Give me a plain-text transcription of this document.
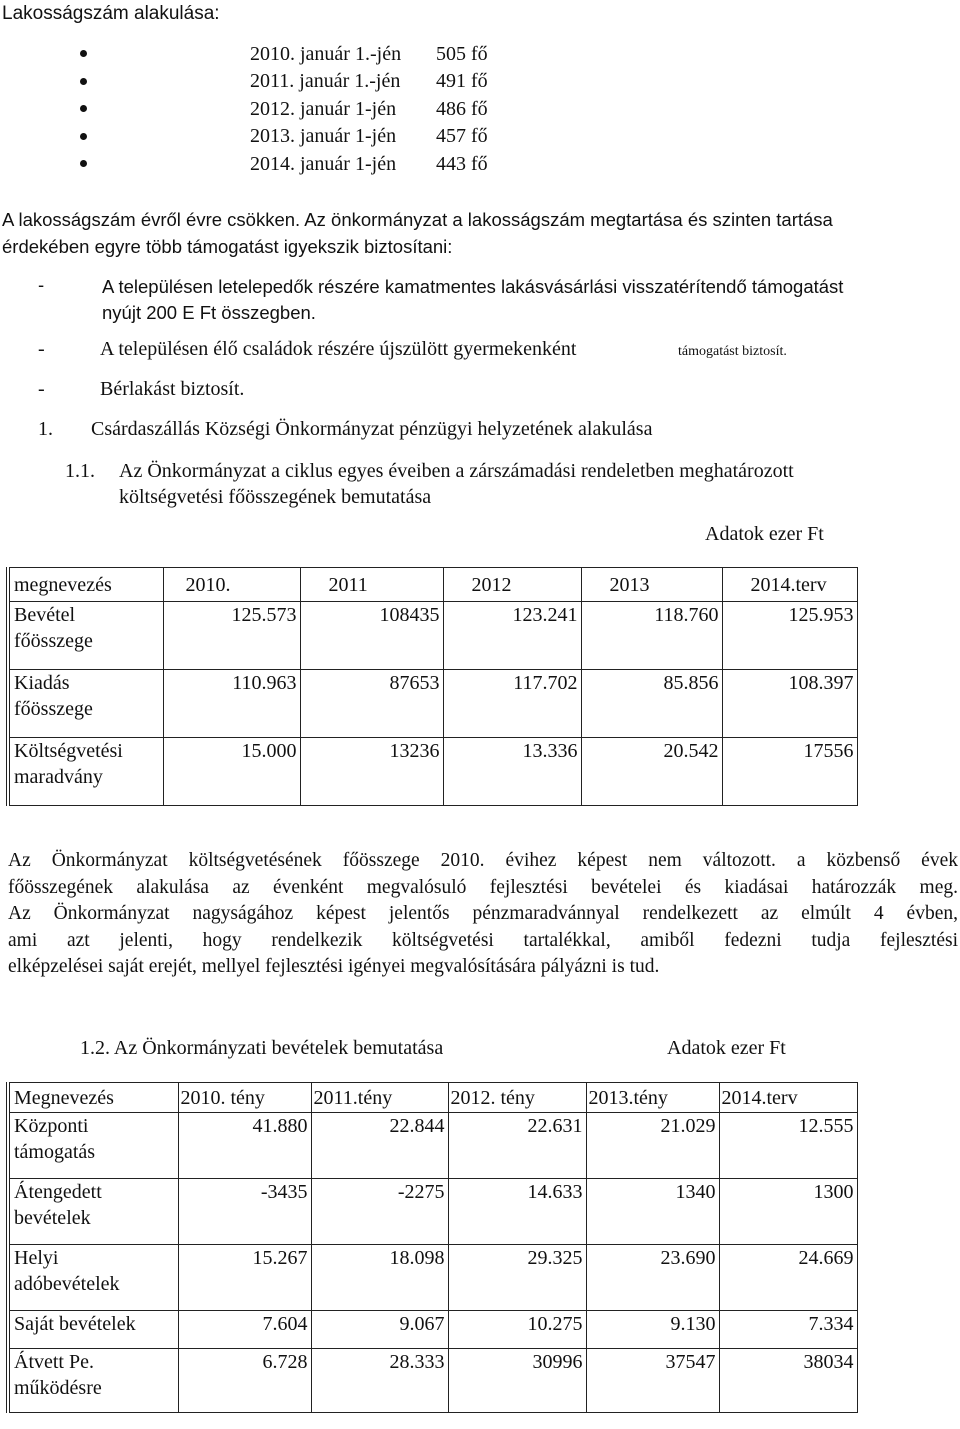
Lakosságszám alakulása:
2010. január 1.-jén	505 fő
2011. január 1.-jén	491 fő
2012. január 1-jén	486 fő
2013. január 1-jén	457 fő
2014. január 1-jén	443 fő
A lakosságszám évről évre csökken. Az önkormányzat a lakosságszám megtartása és szinten tartása
érdekében egyre több támogatást igyekszik biztosítani:
-	A településen letelepedők részére kamatmentes lakásvásárlási visszatérítendő támogatást
nyújt 200 E Ft összegben.
-	A településen élő családok részére újszülött gyermekenként	támogatást biztosít.
-	Bérlakást biztosít.
1. Csárdaszállás Községi Önkormányzat pénzügyi helyzetének alakulása
1.1. Az Önkormányzat a ciklus egyes éveiben a zárszámadási rendeletben meghatározott
költségvetési főösszegének bemutatása
Adatok ezer Ft
megnevezés	2010.	2011	2012	2013	2014.terv

Bevétel
főösszege	125.573	108435	123.241	118.760	125.953

Kiadás
főösszege	110.963	87653	117.702	85.856	108.397

Költségvetési
maradvány	15.000	13236	13.336	20.542	17556
Az Önkormányzat költségvetésének főösszege 2010. évihez képest nem változott. a közbenső évek
főösszegének alakulása az évenként megvalósuló fejlesztési bevételei és kiadásai határozzák meg.
Az Önkormányzat nagyságához képest jelentős pénzmaradvánnyal rendelkezett az elmúlt 4 évben,
ami azt jelenti, hogy rendelkezik költségvetési tartalékkal, amiből fedezni tudja fejlesztési
elképzelései saját erejét, mellyel fejlesztési igényei megvalósítására pályázni is tud.
1.2. Az Önkormányzati bevételek bemutatása	Adatok ezer Ft
Megnevezés	2010. tény	2011.tény	2012. tény	2013.tény	2014.terv

Központi
támogatás	41.880	22.844	22.631	21.029	12.555

Átengedett
bevételek	-3435	-2275	14.633	1340	1300

Helyi
adóbevételek	15.267	18.098	29.325	23.690	24.669

Saját bevételek	7.604	9.067	10.275	9.130	7.334

Átvett Pe.
működésre	6.728	28.333	30996	37547	38034
